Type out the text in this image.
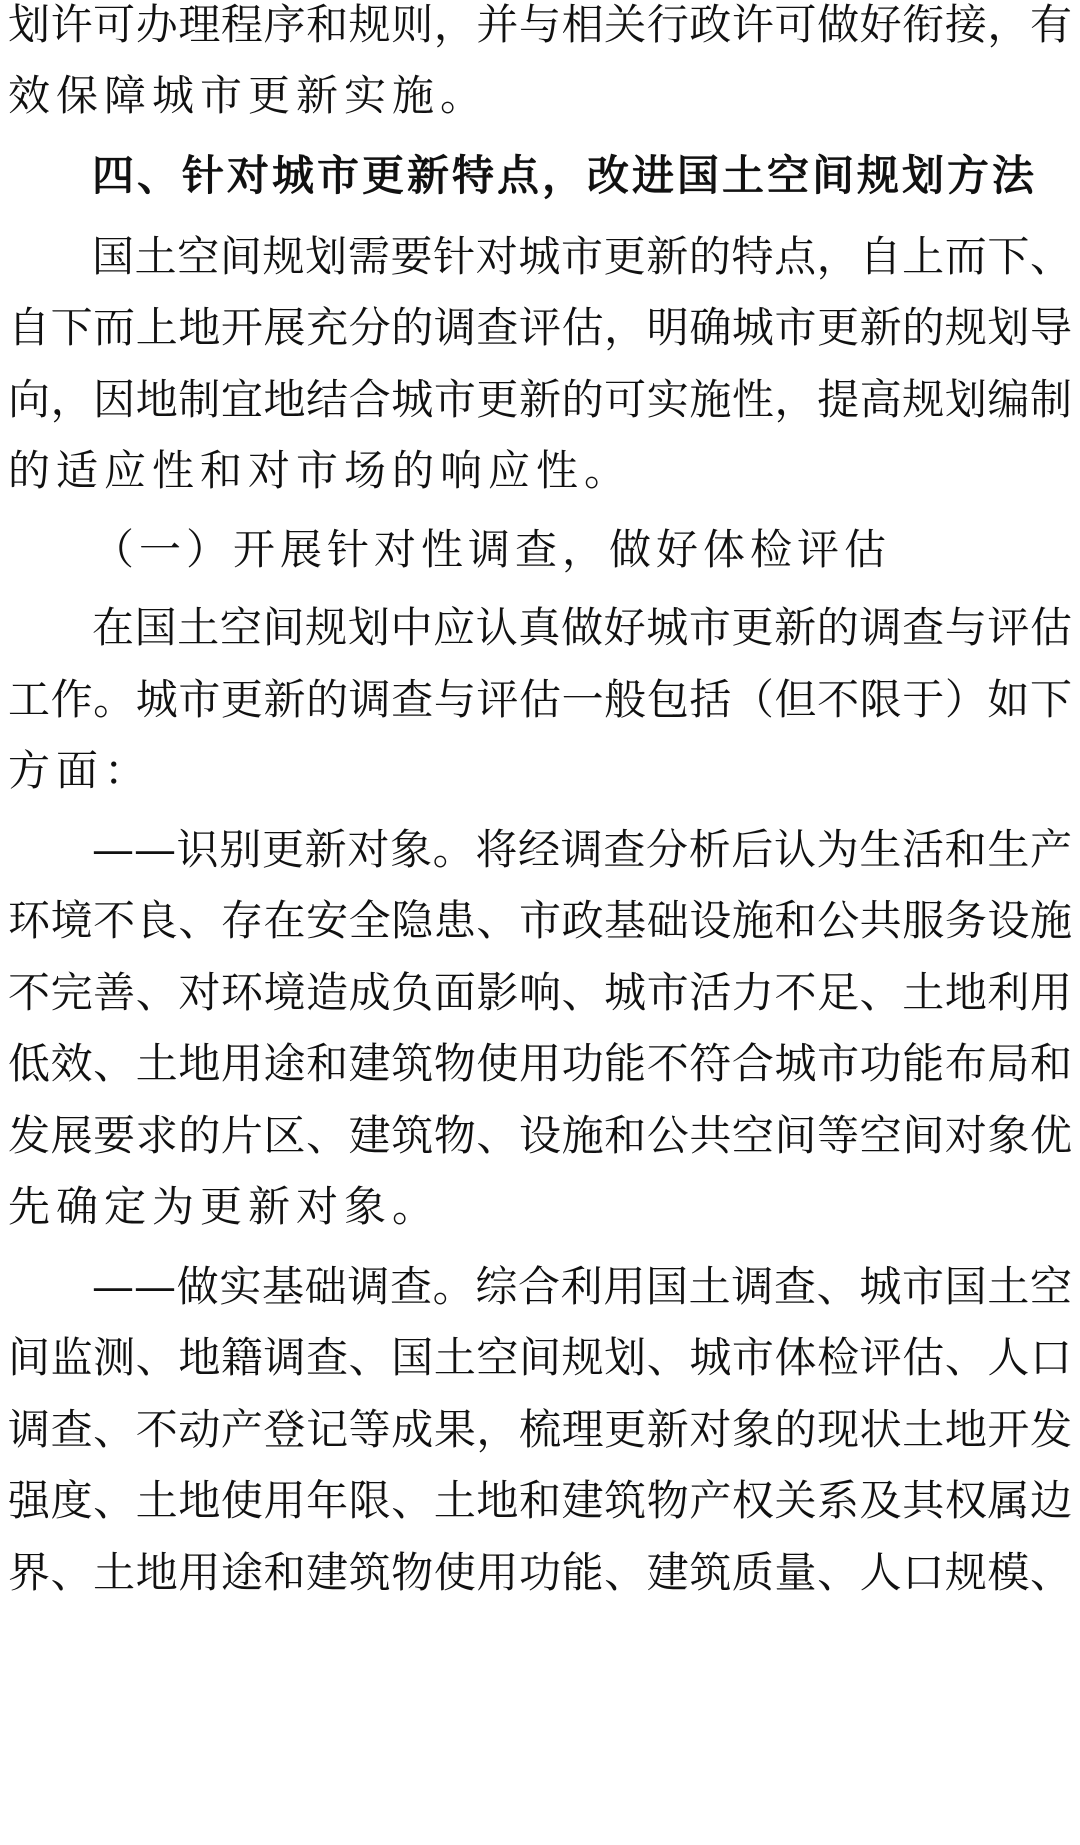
划许可办理程序和规则，并与相关行政许可做好衔接，有
效保障城市更新实施。
四、针对城市更新特点，改进国土空间规划方法
国土空间规划需要针对城市更新的特点，自上而下、
自下而上地开展充分的调查评估，明确城市更新的规划导
向，因地制宜地结合城市更新的可实施性，提高规划编制
的适应性和对市场的响应性。
（一）开展针对性调查，做好体检评估
在国土空间规划中应认真做好城市更新的调查与评估
工作。城市更新的调查与评估一般包括（但不限于）如下
方面：
——识别更新对象。将经调查分析后认为生活和生产
环境不良、存在安全隐患、市政基础设施和公共服务设施
不完善、对环境造成负面影响、城市活力不足、土地利用
低效、土地用途和建筑物使用功能不符合城市功能布局和
发展要求的片区、建筑物、设施和公共空间等空间对象优
先确定为更新对象。
——做实基础调查。综合利用国土调查、城市国土空
间监测、地籍调查、国土空间规划、城市体检评估、人口
调查、不动产登记等成果，梳理更新对象的现状土地开发
强度、土地使用年限、土地和建筑物产权关系及其权属边
界、土地用途和建筑物使用功能、建筑质量、人口规模、
